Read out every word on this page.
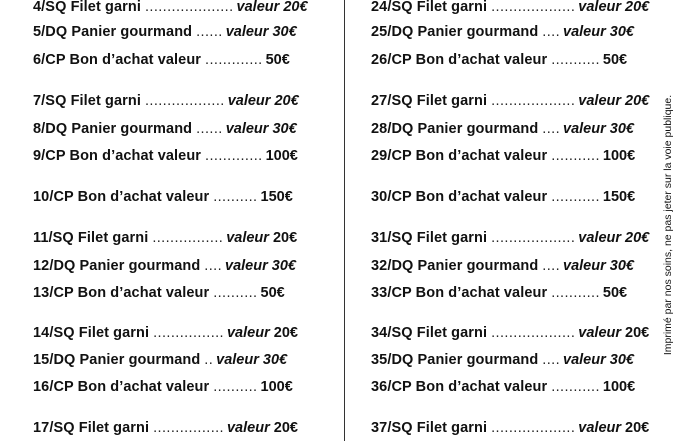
4/SQ Filet garni .................... valeur
20€
5/DQ Panier gourmand ...... valeur
30€
6/CP Bon d’achat valeur ............. 50€
7/SQ Filet garni .................. valeur
20€
8/DQ Panier gourmand ...... valeur
30€
9/CP Bon d’achat valeur ............. 100€
10/CP Bon d’achat valeur .......... 150€
11/SQ Filet garni ................ valeur
20€
12/DQ Panier gourmand .... valeur
30€
13/CP Bon d’achat valeur .......... 50€
14/SQ Filet garni ................ valeur
20€
15/DQ Panier gourmand .. valeur
30€
16/CP Bon d’achat valeur .......... 100€
17/SQ Filet garni ................ valeur
20€
24/SQ Filet garni ................... valeur
20€
25/DQ Panier gourmand .... valeur
30€
26/CP Bon d’achat valeur ........... 50€
27/SQ Filet garni ................... valeur
20€
28/DQ Panier gourmand .... valeur
30€
29/CP Bon d’achat valeur ........... 100€
30/CP Bon d’achat valeur ........... 150€
31/SQ Filet garni ................... valeur
20€
32/DQ Panier gourmand .... valeur
30€
33/CP Bon d’achat valeur ........... 50€
34/SQ Filet garni ................... valeur
20€
35/DQ Panier gourmand .... valeur
30€
36/CP Bon d’achat valeur ........... 100€
37/SQ Filet garni ................... valeur
20€
Imprimé par nos soins, ne pas jeter sur la voie publique.
